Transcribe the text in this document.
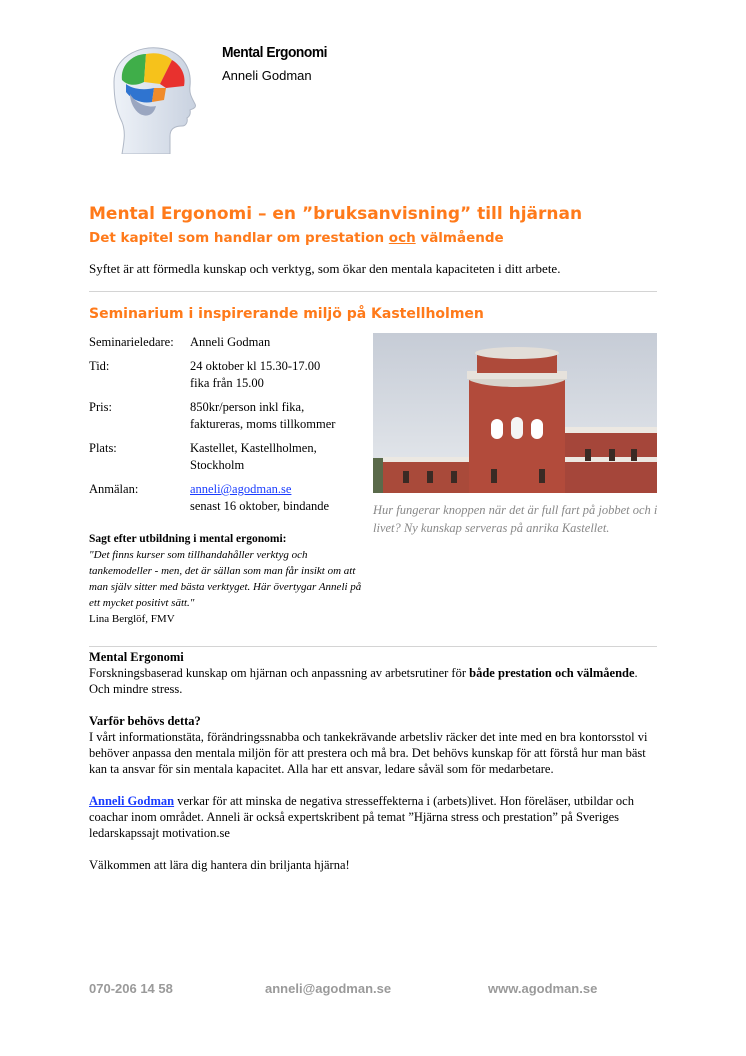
Mental Ergonomi
Anneli Godman
Mental Ergonomi – en ”bruksanvisning” till hjärnan
Det kapitel som handlar om prestation och välmående
Syftet är att förmedla kunskap och verktyg, som ökar den mentala kapaciteten i ditt arbete.
Seminarium i inspirerande miljö på Kastellholmen
Seminarieledare:	Anneli Godman
Tid:	24 oktober kl 15.30-17.00
fika från 15.00
Pris:	850kr/person inkl fika,
faktureras, moms tillkommer
Plats:	Kastellet, Kastellholmen,
Stockholm
Anmälan:	anneli@agodman.se
senast 16 oktober, bindande	Hur fungerar knoppen när det är full fart på jobbet och i livet? Ny kunskap serveras på anrika Kastellet.
Sagt efter utbildning i mental ergonomi:
"Det finns kurser som tillhandahåller verktyg och tankemodeller - men, det är sällan som man får insikt om att man själv sitter med bästa verktyget. Här övertygar Anneli på ett mycket positivt sätt."
Lina Berglöf, FMV

Mental Ergonomi
Forskningsbaserad kunskap om hjärnan och anpassning av arbetsrutiner för både prestation och välmående. Och mindre stress.

Varför behövs detta?
I vårt informationstäta, förändringssnabba och tankekrävande arbetsliv räcker det inte med en bra kontorsstol vi behöver anpassa den mentala miljön för att prestera och må bra. Det behövs kunskap för att förstå hur man bäst kan ta ansvar för sin mentala kapacitet. Alla har ett ansvar, ledare såväl som för medarbetare.

Anneli Godman verkar för att minska de negativa stresseffekterna i (arbets)livet. Hon föreläser, utbildar och coachar inom området. Anneli är också expertskribent på temat ”Hjärna stress och prestation” på Sveriges ledarskapssajt motivation.se

Välkommen att lära dig hantera din briljanta hjärna!

070-206 14 58	anneli@agodman.se	www.agodman.se
